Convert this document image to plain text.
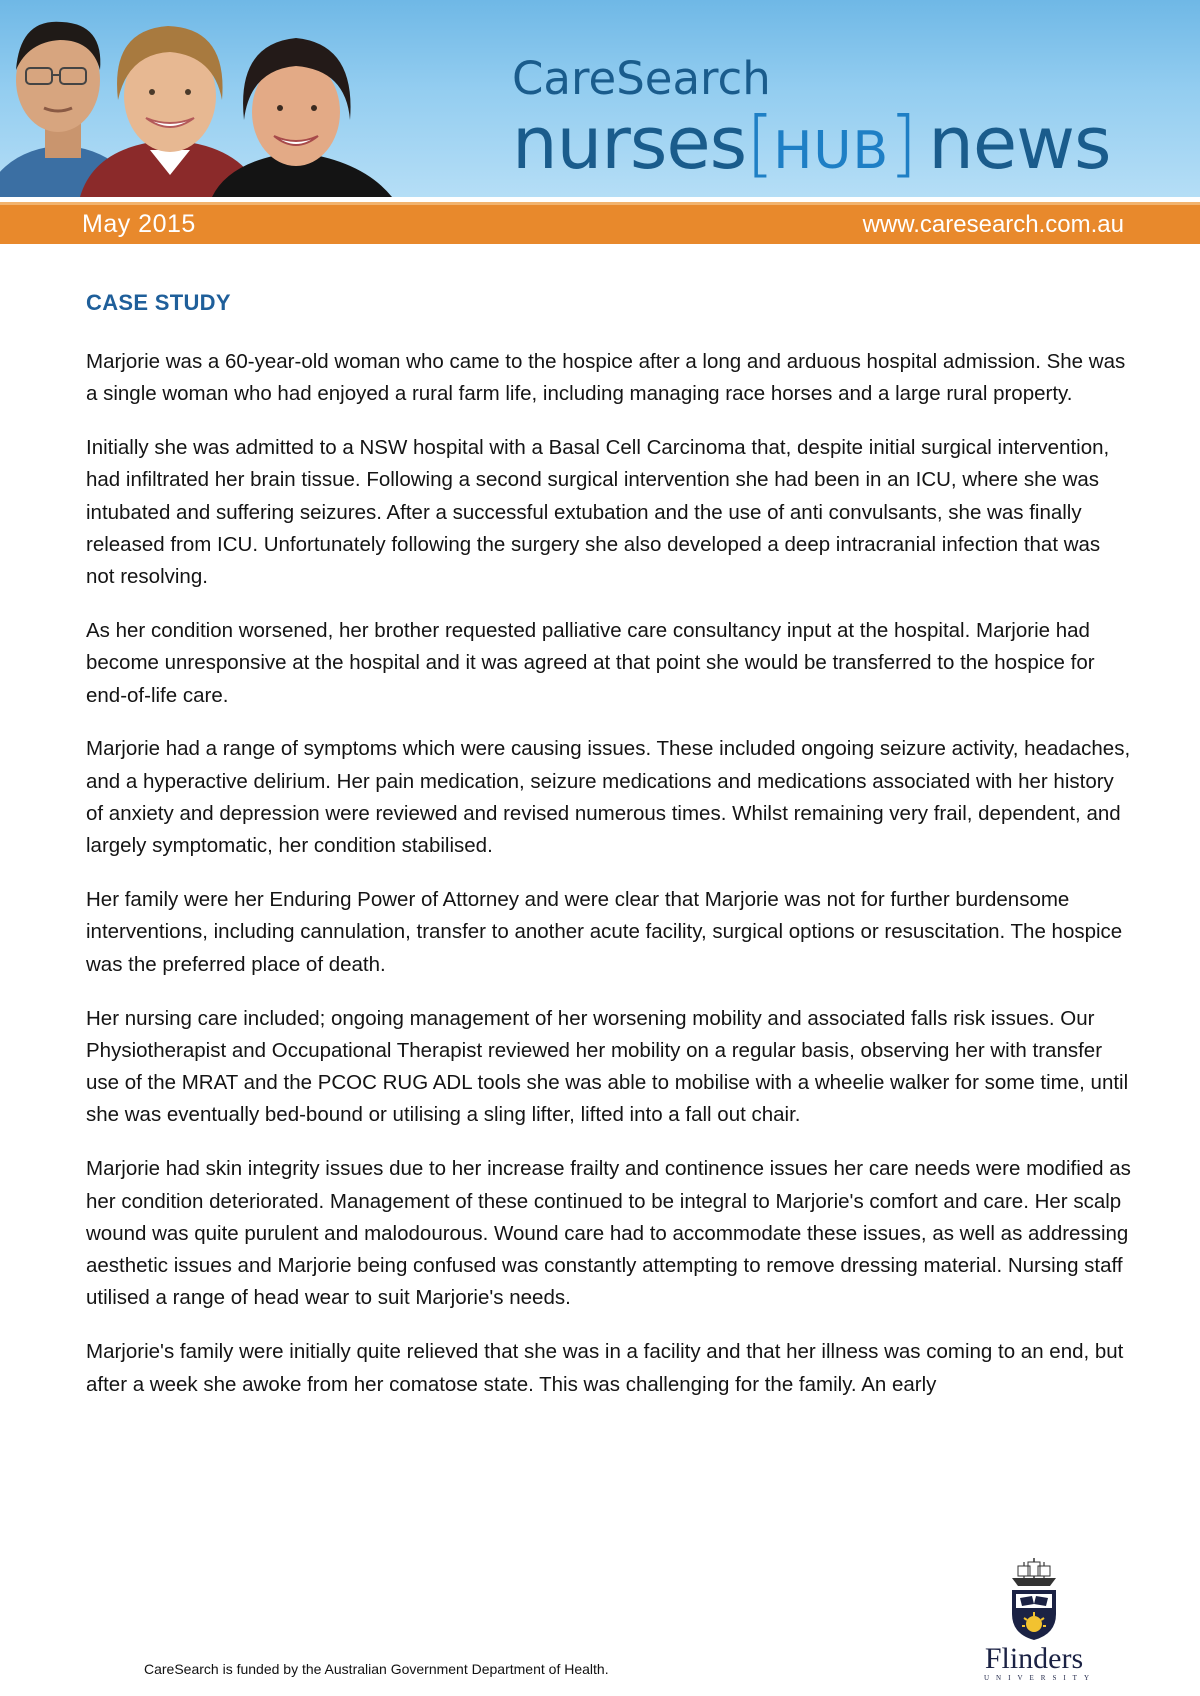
CareSearch
nurses[HUB] news
May 2015	www.caresearch.com.au
CASE STUDY

Marjorie was a 60-year-old woman who came to the hospice after a long and arduous hospital admission. She was a single woman who had enjoyed a rural farm life, including managing race horses and a large rural property.

Initially she was admitted to a NSW hospital with a Basal Cell Carcinoma that, despite initial surgical intervention, had infiltrated her brain tissue. Following a second surgical intervention she had been in an ICU, where she was intubated and suffering seizures. After a successful extubation and the use of anti convulsants, she was finally released from ICU. Unfortunately following the surgery she also developed a deep intracranial infection that was not resolving.

As her condition worsened, her brother requested palliative care consultancy input at the hospital. Marjorie had become unresponsive at the hospital and it was agreed at that point she would be transferred to the hospice for end-of-life care.

Marjorie had a range of symptoms which were causing issues. These included ongoing seizure activity, headaches, and a hyperactive delirium. Her pain medication, seizure medications and medications associated with her history of anxiety and depression were reviewed and revised numerous times. Whilst remaining very frail, dependent, and largely symptomatic, her condition stabilised.

Her family were her Enduring Power of Attorney and were clear that Marjorie was not for further burdensome interventions, including cannulation, transfer to another acute facility, surgical options or resuscitation. The hospice was the preferred place of death.

Her nursing care included; ongoing management of her worsening mobility and associated falls risk issues. Our Physiotherapist and Occupational Therapist reviewed her mobility on a regular basis, observing her with transfer use of the MRAT and the PCOC RUG ADL tools she was able to mobilise with a wheelie walker for some time, until she was eventually bed-bound or utilising a sling lifter, lifted into a fall out chair.

Marjorie had skin integrity issues due to her increase frailty and continence issues her care needs were modified as her condition deteriorated. Management of these continued to be integral to Marjorie's comfort and care. Her scalp wound was quite purulent and malodourous. Wound care had to accommodate these issues, as well as addressing aesthetic issues and Marjorie being confused was constantly attempting to remove dressing material. Nursing staff utilised a range of head wear to suit Marjorie's needs.

Marjorie's family were initially quite relieved that she was in a facility and that her illness was coming to an end, but after a week she awoke from her comatose state. This was challenging for the family. An early

CareSearch is funded by the Australian Government Department of Health.	Flinders
UNIVERSITY
